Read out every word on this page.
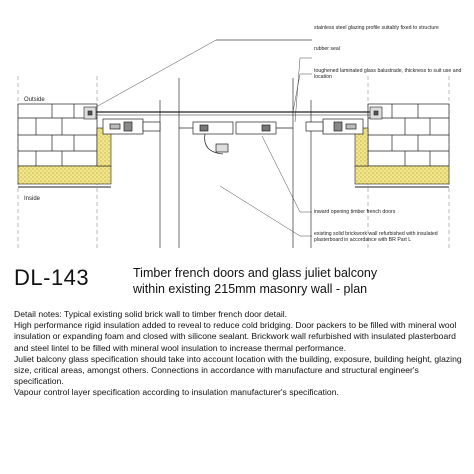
stainless steel glazing profile suitably fixed to structure
rubber seal
toughened laminated glass balustrade, thickness to suit use and location
inward opening timber french doors
existing solid brickwork wall refurbished with insulated plasterboard in accordance with BR Part L
Outside
Inside
DL-143	Timber french doors and glass juliet balcony
within existing 215mm masonry wall - plan

Detail notes: Typical existing solid brick wall to timber french door detail.

High performance rigid insulation added to reveal to reduce cold bridging. Door packers to be filled with mineral wool insulation or expanding foam and closed with silicone sealant. Brickwork wall refurbished with insulated plasterboard and steel lintel to be filled with mineral wool insulation to increase thermal performance.

Juliet balcony glass specification should take into account location with the building, exposure, building height, glazing size, critical areas, amongst others. Connections in accordance with manufacture and structural engineer's specification.

Vapour control layer specification according to insulation manufacturer's specification.
